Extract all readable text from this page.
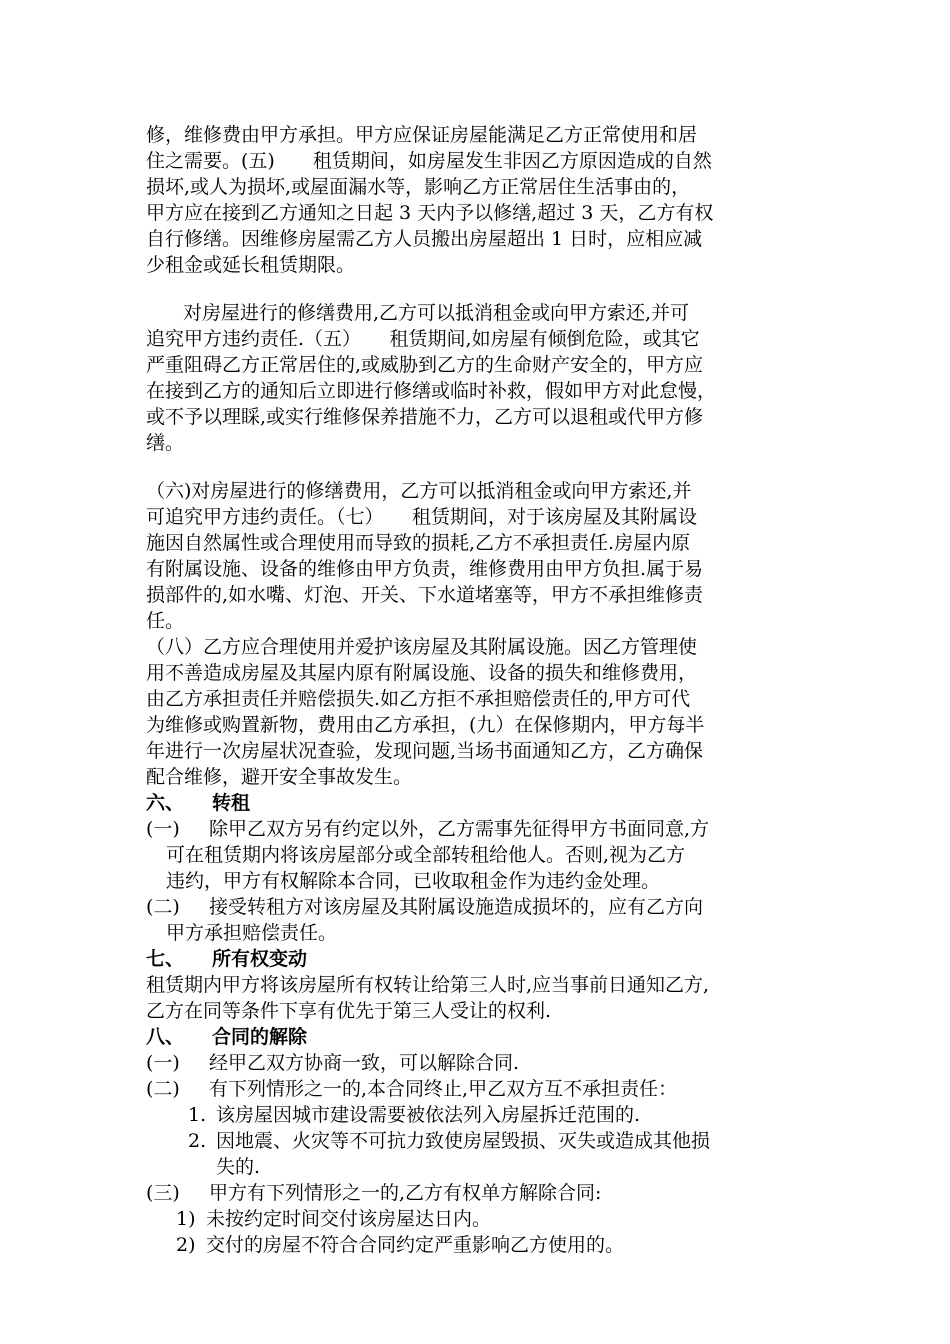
修，维修费由甲方承担。甲方应保证房屋能满足乙方正常使用和居
住之需要。(五)　　租赁期间，如房屋发生非因乙方原因造成的自然
损坏,或人为损坏,或屋面漏水等，影响乙方正常居住生活事由的，
甲方应在接到乙方通知之日起 3 天内予以修缮,超过 3 天，乙方有权
自行修缮。因维修房屋需乙方人员搬出房屋超出 1 日时，应相应减
少租金或延长租赁期限。
对房屋进行的修缮费用,乙方可以抵消租金或向甲方索还,并可
追究甲方违约责任.（五）　　租赁期间,如房屋有倾倒危险，或其它
严重阻碍乙方正常居住的,或威胁到乙方的生命财产安全的，甲方应
在接到乙方的通知后立即进行修缮或临时补救，假如甲方对此怠慢，
或不予以理睬,或实行维修保养措施不力，乙方可以退租或代甲方修
缮。
（六)对房屋进行的修缮费用，乙方可以抵消租金或向甲方索还,并
可追究甲方违约责任。（七）　　租赁期间，对于该房屋及其附属设
施因自然属性或合理使用而导致的损耗,乙方不承担责任.房屋内原
有附属设施、设备的维修由甲方负责，维修费用由甲方负担.属于易
损部件的,如水嘴、灯泡、开关、下水道堵塞等，甲方不承担维修责
任。
（八）乙方应合理使用并爱护该房屋及其附属设施。因乙方管理使
用不善造成房屋及其屋内原有附属设施、设备的损失和维修费用，
由乙方承担责任并赔偿损失.如乙方拒不承担赔偿责任的,甲方可代
为维修或购置新物，费用由乙方承担，(九）在保修期内，甲方每半
年进行一次房屋状况查验，发现问题,当场书面通知乙方，乙方确保
配合维修，避开安全事故发生。
六、 转租
(一)	除甲乙双方另有约定以外，乙方需事先征得甲方书面同意,方
可在租赁期内将该房屋部分或全部转租给他人。否则,视为乙方
违约，甲方有权解除本合同，已收取租金作为违约金处理。
(二)	接受转租方对该房屋及其附属设施造成损坏的，应有乙方向
甲方承担赔偿责任。
七、 所有权变动
租赁期内甲方将该房屋所有权转让给第三人时,应当事前日通知乙方,
乙方在同等条件下享有优先于第三人受让的权利.
八、 合同的解除
(一)	经甲乙双方协商一致，可以解除合同.
(二)	有下列情形之一的,本合同终止,甲乙双方互不承担责任：
1. 该房屋因城市建设需要被依法列入房屋拆迁范围的.
2. 因地震、火灾等不可抗力致使房屋毁损、灭失或造成其他损
失的.
(三)	甲方有下列情形之一的,乙方有权单方解除合同:
1) 未按约定时间交付该房屋达日内。
2) 交付的房屋不符合合同约定严重影响乙方使用的。
